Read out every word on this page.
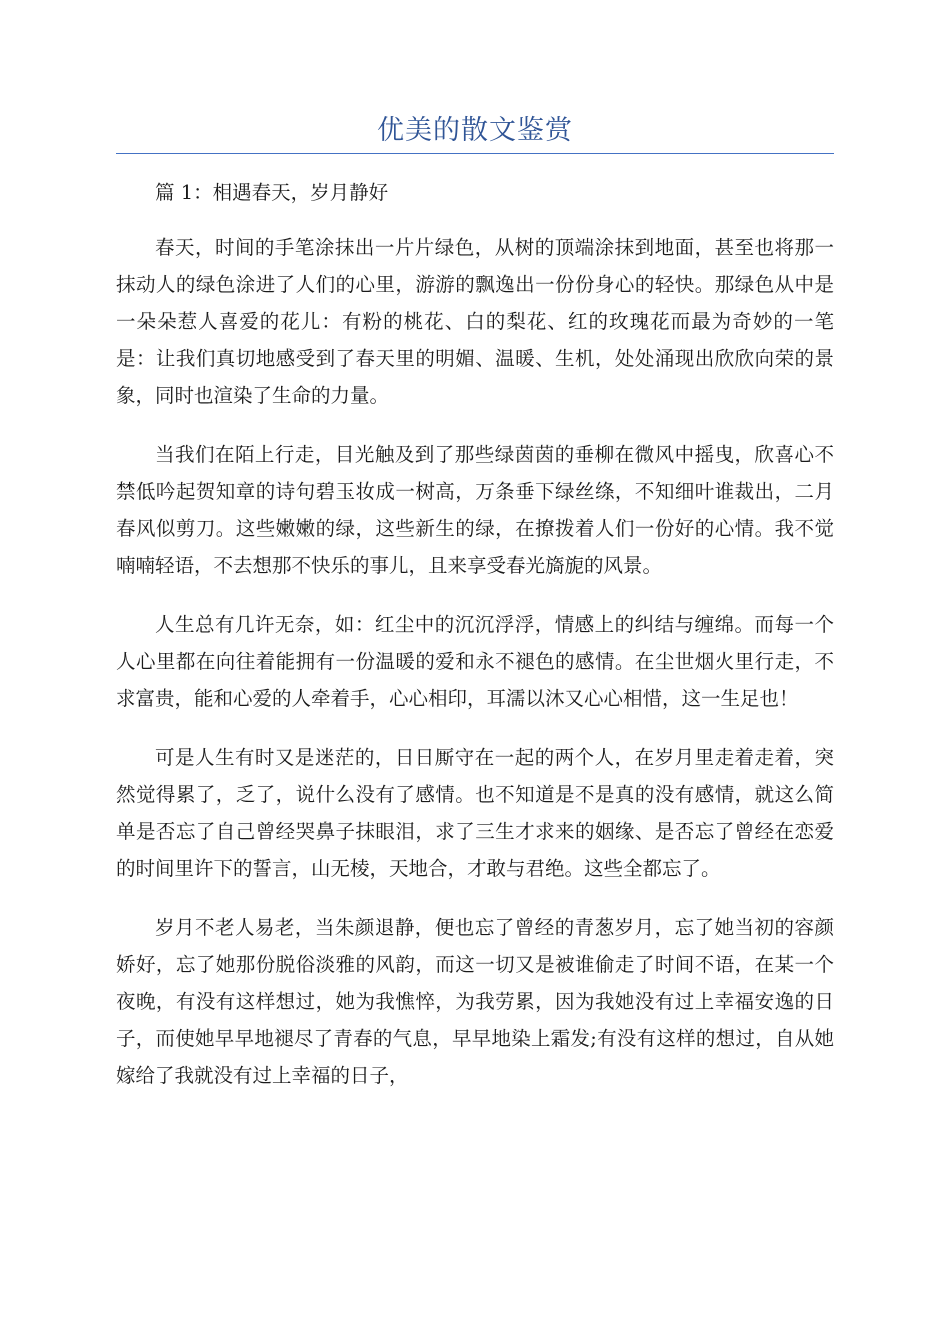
优美的散文鉴赏

篇 1：相遇春天，岁月静好

春天，时间的手笔涂抹出一片片绿色，从树的顶端涂抹到地面，甚至也将那一抹动人的绿色涂进了人们的心里，游游的飘逸出一份份身心的轻快。那绿色从中是一朵朵惹人喜爱的花儿：有粉的桃花、白的梨花、红的玫瑰花而最为奇妙的一笔是：让我们真切地感受到了春天里的明媚、温暖、生机，处处涌现出欣欣向荣的景象，同时也渲染了生命的力量。

当我们在陌上行走，目光触及到了那些绿茵茵的垂柳在微风中摇曳，欣喜心不禁低吟起贺知章的诗句碧玉妆成一树高，万条垂下绿丝绦，不知细叶谁裁出，二月春风似剪刀。这些嫩嫩的绿，这些新生的绿，在撩拨着人们一份好的心情。我不觉喃喃轻语，不去想那不快乐的事儿，且来享受春光旖旎的风景。

人生总有几许无奈，如：红尘中的沉沉浮浮，情感上的纠结与缠绵。而每一个人心里都在向往着能拥有一份温暖的爱和永不褪色的感情。在尘世烟火里行走，不求富贵，能和心爱的人牵着手，心心相印，耳濡以沐又心心相惜，这一生足也！

可是人生有时又是迷茫的，日日厮守在一起的两个人，在岁月里走着走着，突然觉得累了，乏了，说什么没有了感情。也不知道是不是真的没有感情，就这么简单是否忘了自己曾经哭鼻子抹眼泪，求了三生才求来的姻缘、是否忘了曾经在恋爱的时间里许下的誓言，山无棱，天地合，才敢与君绝。这些全都忘了。

岁月不老人易老，当朱颜退静，便也忘了曾经的青葱岁月，忘了她当初的容颜娇好，忘了她那份脱俗淡雅的风韵，而这一切又是被谁偷走了时间不语，在某一个夜晚，有没有这样想过，她为我憔悴，为我劳累，因为我她没有过上幸福安逸的日子，而使她早早地褪尽了青春的气息，早早地染上霜发;有没有这样的想过，自从她嫁给了我就没有过上幸福的日子，
